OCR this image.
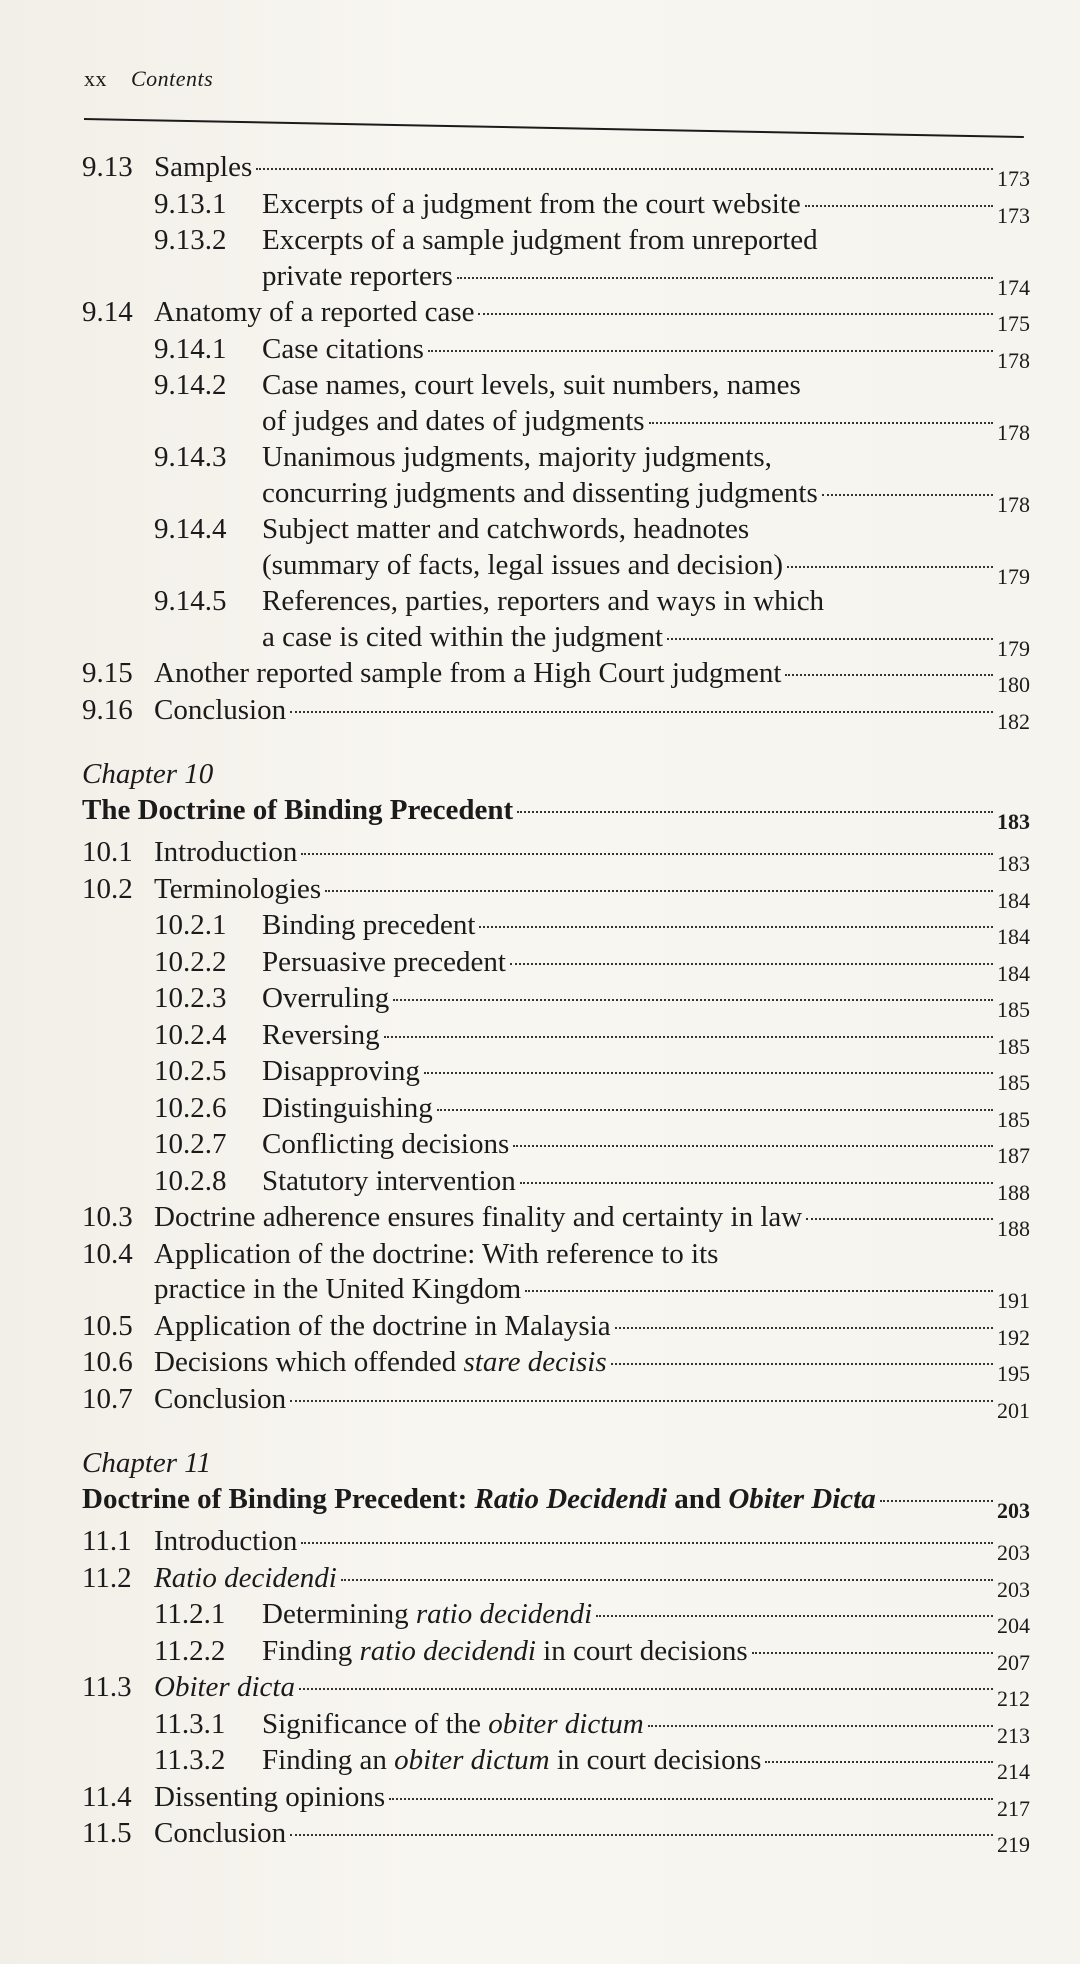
xx Contents
9.13 Samples	173
9.13.1	Excerpts of a judgment from the court website	173
9.13.2	Excerpts of a sample judgment from unreported
private reporters	174
9.14 Anatomy of a reported case	175
9.14.1	Case citations	178
9.14.2	Case names, court levels, suit numbers, names
of judges and dates of judgments	178
9.14.3	Unanimous judgments, majority judgments,
concurring judgments and dissenting judgments	178
9.14.4	Subject matter and catchwords, headnotes
(summary of facts, legal issues and decision)	179
9.14.5	References, parties, reporters and ways in which
a case is cited within the judgment	179
9.15 Another reported sample from a High Court judgment	180
9.16 Conclusion	182
Chapter 10
The Doctrine of Binding Precedent	183
10.1 Introduction	183
10.2 Terminologies	184
10.2.1	Binding precedent	184
10.2.2	Persuasive precedent	184
10.2.3	Overruling	185
10.2.4	Reversing	185
10.2.5	Disapproving	185
10.2.6	Distinguishing	185
10.2.7	Conflicting decisions	187
10.2.8	Statutory intervention	188
10.3 Doctrine adherence ensures finality and certainty in law	188
10.4 Application of the doctrine: With reference to its
practice in the United Kingdom	191
10.5 Application of the doctrine in Malaysia	192
10.6 Decisions which offended stare decisis	195
10.7 Conclusion	201
Chapter 11
Doctrine of Binding Precedent: Ratio Decidendi and Obiter Dicta	203
11.1 Introduction	203
11.2 Ratio decidendi	203
11.2.1	Determining ratio decidendi	204
11.2.2	Finding ratio decidendi in court decisions	207
11.3 Obiter dicta	212
11.3.1	Significance of the obiter dictum	213
11.3.2	Finding an obiter dictum in court decisions	214
11.4 Dissenting opinions	217
11.5 Conclusion	219
